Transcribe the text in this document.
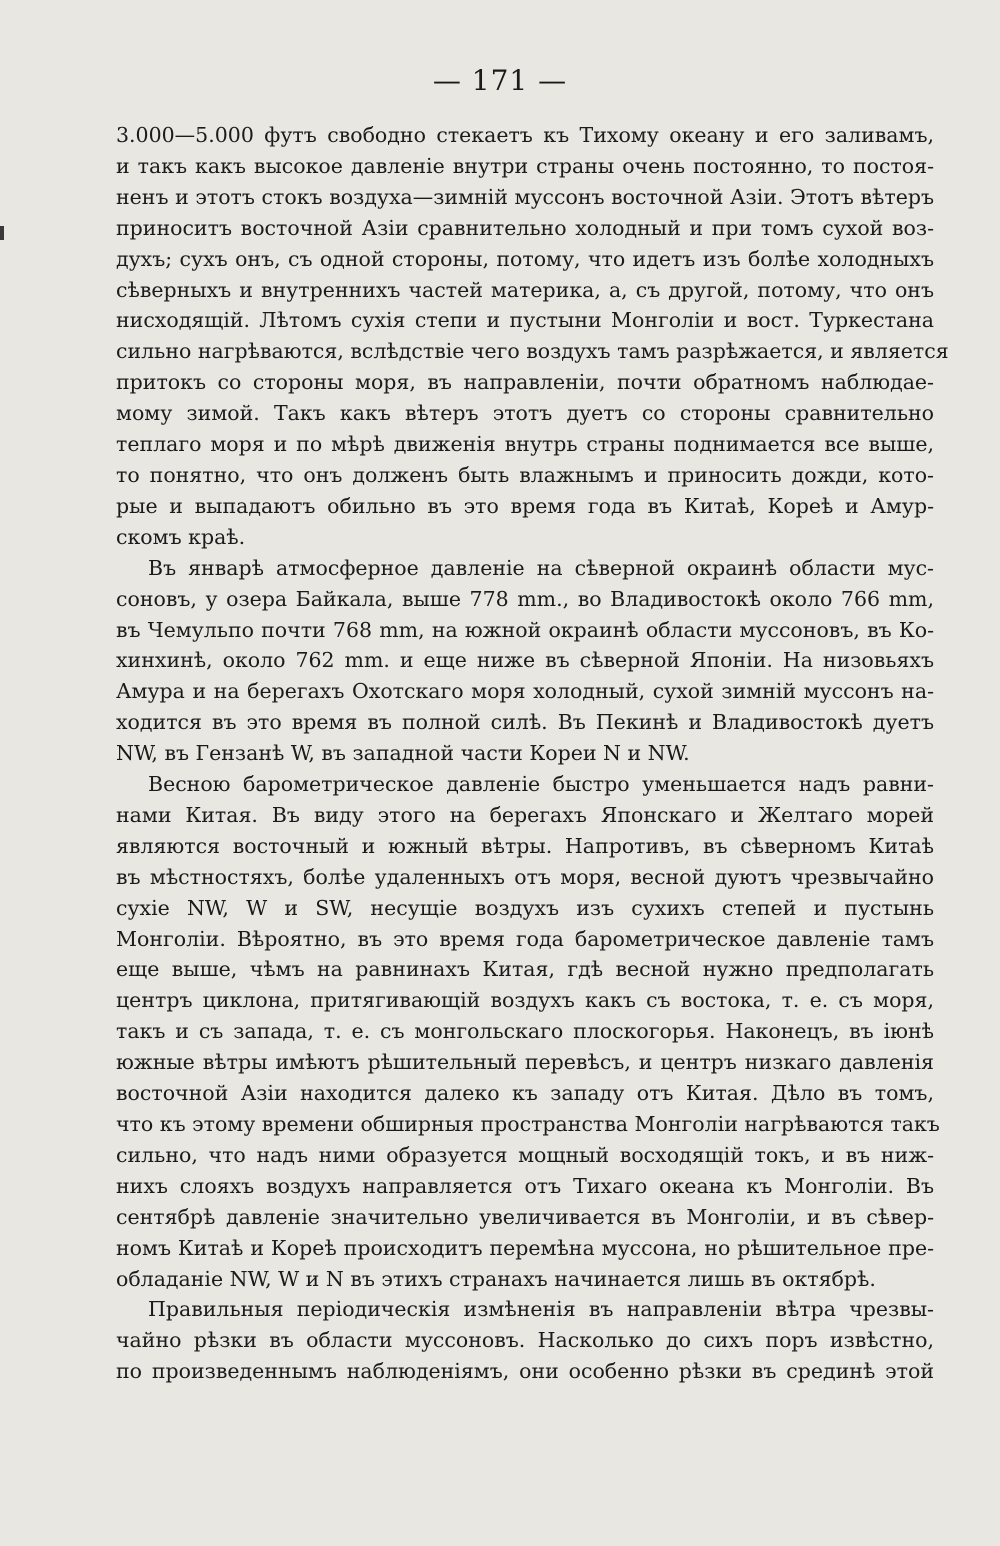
— 171 —
3.000—5.000 футъ свободно стекаетъ къ Тихому океану и его заливамъ,
и такъ какъ высокое давленіе внутри страны очень постоянно, то постоя-
ненъ и этотъ стокъ воздуха—зимній муссонъ восточной Азіи. Этотъ вѣтеръ
приноситъ восточной Азіи сравнительно холодный и при томъ сухой воз-
духъ; сухъ онъ, съ одной стороны, потому, что идетъ изъ болѣе холодныхъ
сѣверныхъ и внутреннихъ частей материка, а, съ другой, потому, что онъ
нисходящій. Лѣтомъ сухія степи и пустыни Монголіи и вост. Туркестана
сильно нагрѣваются, вслѣдствіе чего воздухъ тамъ разрѣжается, и является
притокъ со стороны моря, въ направленіи, почти обратномъ наблюдае-
мому зимой. Такъ какъ вѣтеръ этотъ дуетъ со стороны сравнительно
теплаго моря и по мѣрѣ движенія внутрь страны поднимается все выше,
то понятно, что онъ долженъ быть влажнымъ и приносить дожди, кото-
рые и выпадаютъ обильно въ это время года въ Китаѣ, Кореѣ и Амур-
скомъ краѣ.
Въ январѣ атмосферное давленіе на сѣверной окраинѣ области мус-
соновъ, у озера Байкала, выше 778 mm., во Владивостокѣ около 766 mm,
въ Чемульпо почти 768 mm, на южной окраинѣ области муссоновъ, въ Ко-
хинхинѣ, около 762 mm. и еще ниже въ сѣверной Японіи. На низовьяхъ
Амура и на берегахъ Охотскаго моря холодный, сухой зимній муссонъ на-
ходится въ это время въ полной силѣ. Въ Пекинѣ и Владивостокѣ дуетъ
NW, въ Гензанѣ W, въ западной части Кореи N и NW.
Весною барометрическое давленіе быстро уменьшается надъ равни-
нами Китая. Въ виду этого на берегахъ Японскаго и Желтаго морей
являются восточный и южный вѣтры. Напротивъ, въ сѣверномъ Китаѣ
въ мѣстностяхъ, болѣе удаленныхъ отъ моря, весной дуютъ чрезвычайно
сухіе NW, W и SW, несущіе воздухъ изъ сухихъ степей и пустынь
Монголіи. Вѣроятно, въ это время года барометрическое давленіе тамъ
еще выше, чѣмъ на равнинахъ Китая, гдѣ весной нужно предполагать
центръ циклона, притягивающій воздухъ какъ съ востока, т. е. съ моря,
такъ и съ запада, т. е. съ монгольскаго плоскогорья. Наконецъ, въ іюнѣ
южные вѣтры имѣютъ рѣшительный перевѣсъ, и центръ низкаго давленія
восточной Азіи находится далеко къ западу отъ Китая. Дѣло въ томъ,
что къ этому времени обширныя пространства Монголіи нагрѣваются такъ
сильно, что надъ ними образуется мощный восходящій токъ, и въ ниж-
нихъ слояхъ воздухъ направляется отъ Тихаго океана къ Монголіи. Въ
сентябрѣ давленіе значительно увеличивается въ Монголіи, и въ сѣвер-
номъ Китаѣ и Кореѣ происходитъ перемѣна муссона, но рѣшительное пре-
обладаніе NW, W и N въ этихъ странахъ начинается лишь въ октябрѣ.
Правильныя періодическія измѣненія въ направленіи вѣтра чрезвы-
чайно рѣзки въ области муссоновъ. Насколько до сихъ поръ извѣстно,
по произведеннымъ наблюденіямъ, они особенно рѣзки въ срединѣ этой
